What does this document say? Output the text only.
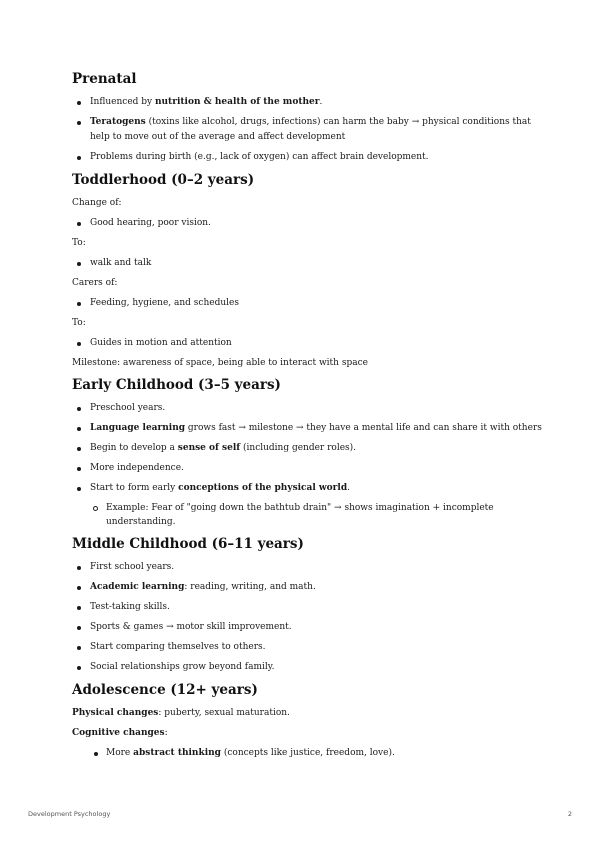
Prenatal
Influenced by nutrition & health of the mother.
Teratogens (toxins like alcohol, drugs, infections) can harm the baby → physical conditions that help to move out of the average and affect development
Problems during birth (e.g., lack of oxygen) can affect brain development.
Toddlerhood (0–2 years)

Change of:

Good hearing, poor vision.

To:

walk and talk

Carers of:

Feeding, hygiene, and schedules

To:

Guides in motion and attention

Milestone: awareness of space, being able to interact with space

Early Childhood (3–5 years)
Preschool years.
Language learning grows fast → milestone → they have a mental life and can share it with others
Begin to develop a sense of self (including gender roles).
More independence.
Start to form early conceptions of the physical world.
Example: Fear of "going down the bathtub drain" → shows imagination + incomplete understanding.
Middle Childhood (6–11 years)
First school years.
Academic learning: reading, writing, and math.
Test-taking skills.
Sports & games → motor skill improvement.
Start comparing themselves to others.
Social relationships grow beyond family.
Adolescence (12+ years)

Physical changes: puberty, sexual maturation.

Cognitive changes:

More abstract thinking (concepts like justice, freedom, love).
Development Psychology	2
